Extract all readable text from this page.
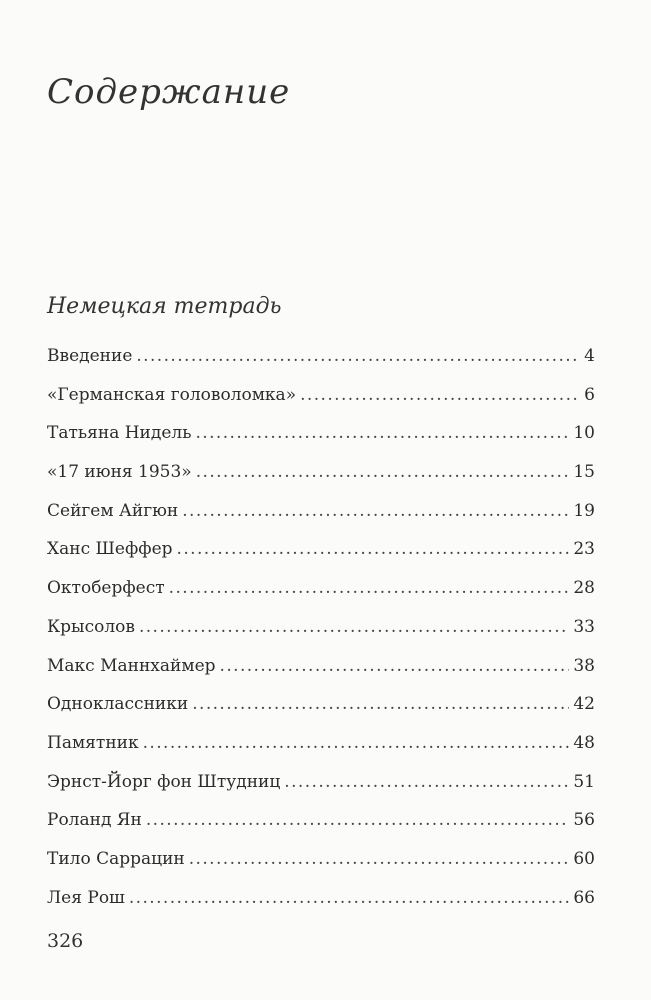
Содержание
Немецкая тетрадь
Введение . . .	4
«Германская головоломка» . . .	6
Татьяна Нидель . . .	10
«17 июня 1953» . . .	15
Сейгем Айгюн . . .	19
Ханс Шеффер . . .	23
Октоберфест . . .	28
Крысолов . . .	33
Макс Маннхаймер . . .	38
Одноклассники . . .	42
Памятник . . .	48
Эрнст-Йорг фон Штудниц . . .	51
Роланд Ян . . .	56
Тило Саррацин . . .	60
Лея Рош . . .	66

326
